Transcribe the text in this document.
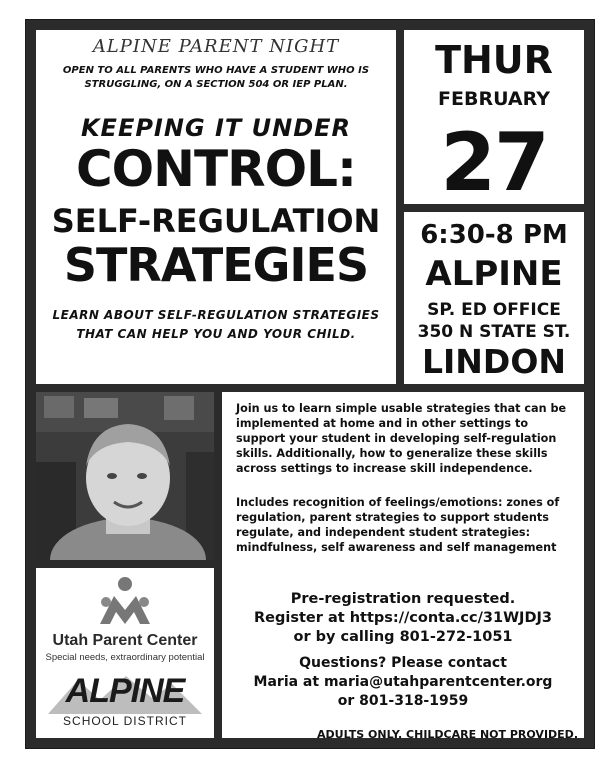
ALPINE PARENT NIGHT
OPEN TO ALL PARENTS WHO HAVE A STUDENT WHO IS STRUGGLING, ON A SECTION 504 OR IEP PLAN.
KEEPING IT UNDER
CONTROL:
SELF-REGULATION
STRATEGIES
LEARN ABOUT SELF-REGULATION STRATEGIES THAT CAN HELP YOU AND YOUR CHILD.
THUR
FEBRUARY
27
6:30-8 PM
ALPINE
SP. ED OFFICE
350 N STATE ST.
LINDON
Join us to learn simple usable strategies that can be implemented at home and in other settings to support your student in developing self-regulation skills. Additionally, how to generalize these skills across settings to increase skill independence.
Includes recognition of feelings/emotions: zones of regulation, parent strategies to support students regulate, and independent student strategies: mindfulness, self awareness and self management
Pre-registration requested.
Register at https://conta.cc/31WJDJ3
or by calling 801-272-1051
Questions? Please contact
Maria at maria@utahparentcenter.org
or 801-318-1959
ADULTS ONLY. CHILDCARE NOT PROVIDED.
Utah Parent Center
Special needs, extraordinary potential
ALPINE
SCHOOL DISTRICT
